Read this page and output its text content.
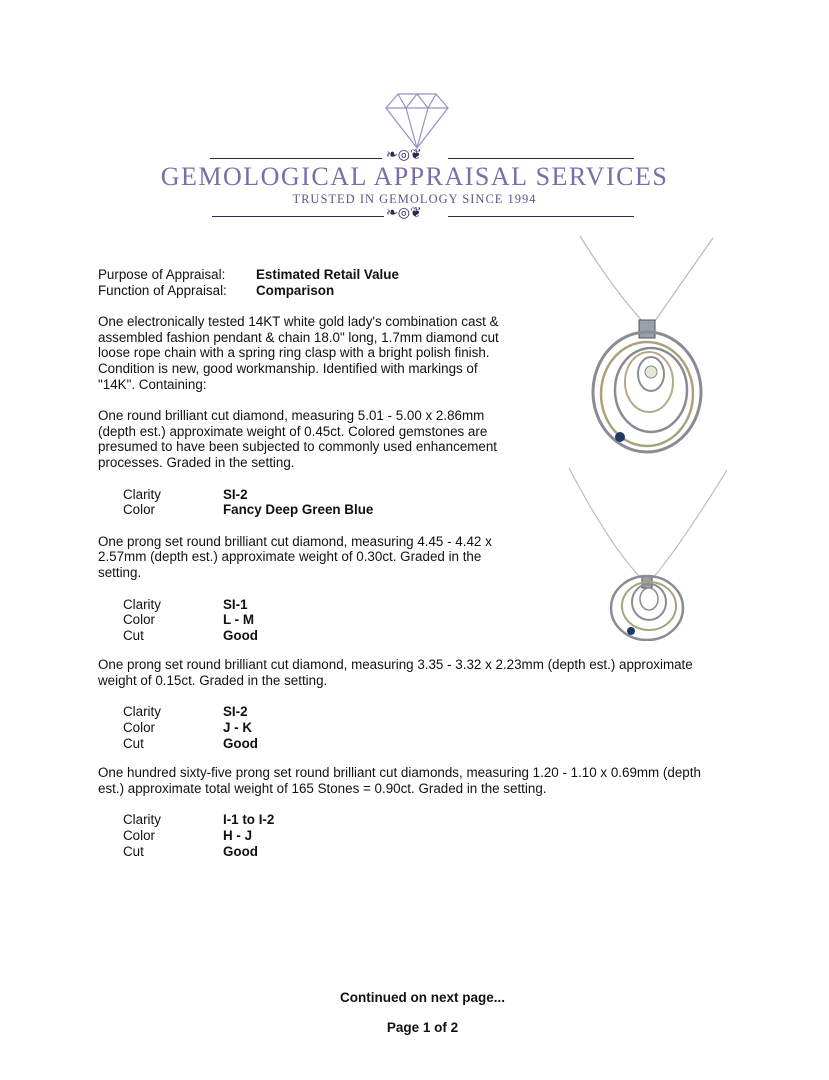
❧◎❦
GEMOLOGICAL APPRAISAL SERVICES
TRUSTED IN GEMOLOGY SINCE 1994
❧◎❦
Purpose of Appraisal:	Estimated Retail Value
Function of Appraisal:	Comparison

One electronically tested 14KT white gold lady's combination cast & assembled fashion pendant & chain 18.0" long, 1.7mm diamond cut loose rope chain with a spring ring clasp with a bright polish finish. Condition is new, good workmanship. Identified with markings of "14K". Containing:

One round brilliant cut diamond, measuring 5.01 - 5.00 x 2.86mm (depth est.) approximate weight of 0.45ct. Colored gemstones are presumed to have been subjected to commonly used enhancement processes. Graded in the setting.

Clarity	SI-2
Color	Fancy Deep Green Blue

One prong set round brilliant cut diamond, measuring 4.45 - 4.42 x 2.57mm (depth est.) approximate weight of 0.30ct. Graded in the setting.

Clarity	SI-1
Color	L - M
Cut	Good

One prong set round brilliant cut diamond, measuring 3.35 - 3.32 x 2.23mm (depth est.) approximate weight of 0.15ct. Graded in the setting.

Clarity	SI-2
Color	J - K
Cut	Good

One hundred sixty-five prong set round brilliant cut diamonds, measuring 1.20 - 1.10 x 0.69mm (depth est.) approximate total weight of 165 Stones = 0.90ct. Graded in the setting.

Clarity	I-1 to I-2
Color	H - J
Cut	Good
Continued on next page...
Page 1 of 2
